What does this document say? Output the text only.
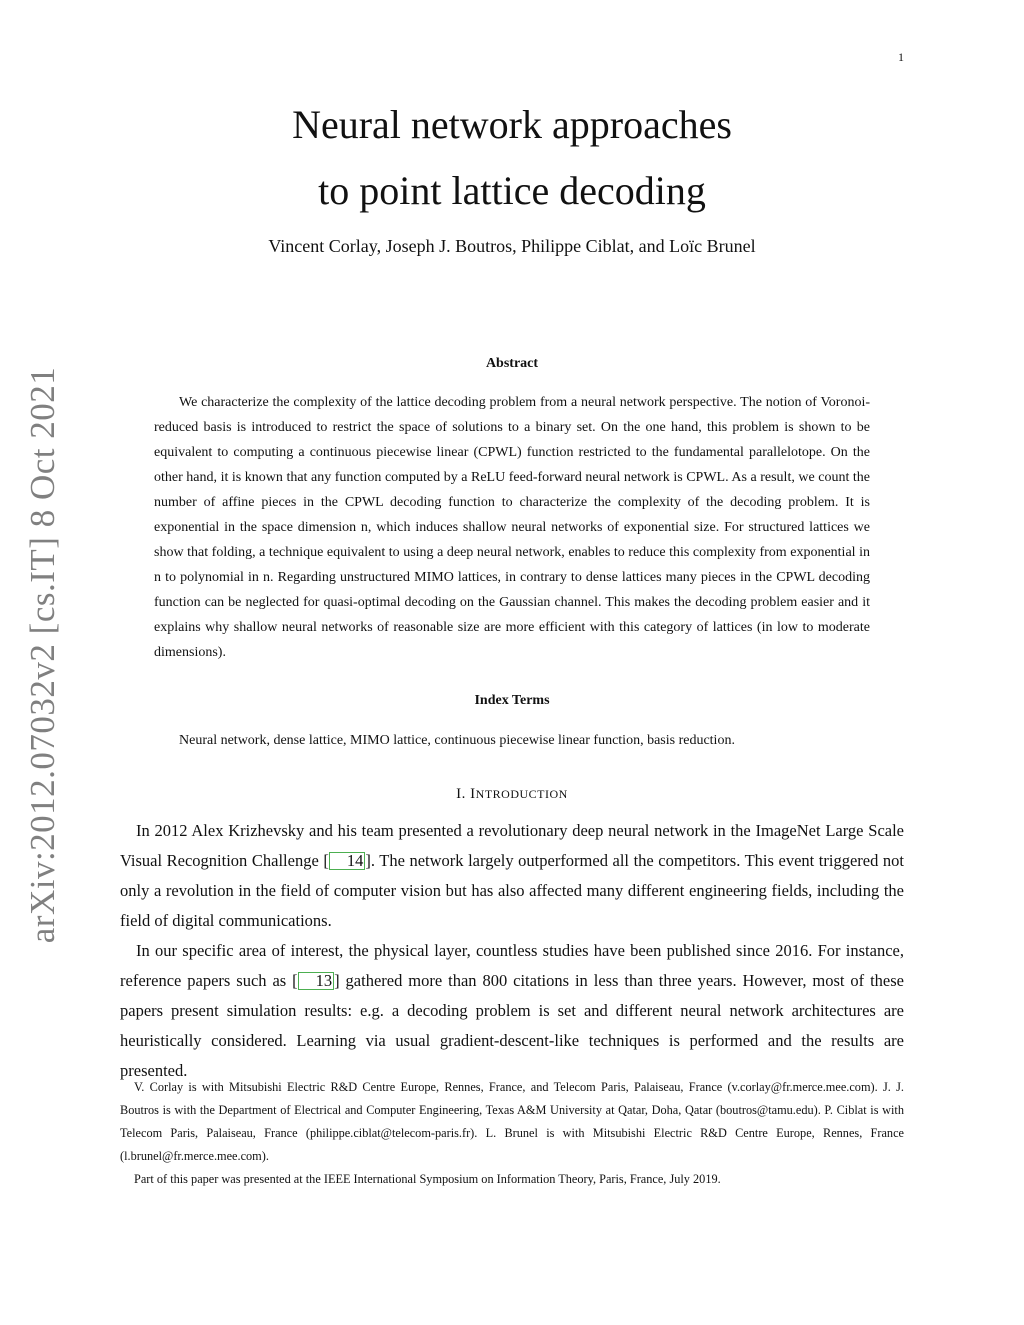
1
arXiv:2012.07032v2 [cs.IT] 8 Oct 2021

Neural network approaches

to point lattice decoding

Vincent Corlay, Joseph J. Boutros, Philippe Ciblat, and Loïc Brunel
Abstract

We characterize the complexity of the lattice decoding problem from a neural network perspective. The notion of Voronoi-reduced basis is introduced to restrict the space of solutions to a binary set. On the one hand, this problem is shown to be equivalent to computing a continuous piecewise linear (CPWL) function restricted to the fundamental parallelotope. On the other hand, it is known that any function computed by a ReLU feed-forward neural network is CPWL. As a result, we count the number of affine pieces in the CPWL decoding function to characterize the complexity of the decoding problem. It is exponential in the space dimension n, which induces shallow neural networks of exponential size. For structured lattices we show that folding, a technique equivalent to using a deep neural network, enables to reduce this complexity from exponential in n to polynomial in n. Regarding unstructured MIMO lattices, in contrary to dense lattices many pieces in the CPWL decoding function can be neglected for quasi-optimal decoding on the Gaussian channel. This makes the decoding problem easier and it explains why shallow neural networks of reasonable size are more efficient with this category of lattices (in low to moderate dimensions).

Index Terms

Neural network, dense lattice, MIMO lattice, continuous piecewise linear function, basis reduction.

I. INTRODUCTION

In 2012 Alex Krizhevsky and his team presented a revolutionary deep neural network in the ImageNet Large Scale Visual Recognition Challenge [ 14 ]. The network largely outperformed all the competitors. This event triggered not only a revolution in the field of computer vision but has also affected many different engineering fields, including the field of digital communications.

In our specific area of interest, the physical layer, countless studies have been published since 2016. For instance, reference papers such as [ 13 ] gathered more than 800 citations in less than three years. However, most of these papers present simulation results: e.g. a decoding problem is set and different neural network architectures are heuristically considered. Learning via usual gradient-descent-like techniques is performed and the results are presented.

V. Corlay is with Mitsubishi Electric R&D Centre Europe, Rennes, France, and Telecom Paris, Palaiseau, France (v.corlay@fr.merce.mee.com). J. J. Boutros is with the Department of Electrical and Computer Engineering, Texas A&M University at Qatar, Doha, Qatar (boutros@tamu.edu). P. Ciblat is with Telecom Paris, Palaiseau, France (philippe.ciblat@telecom-paris.fr). L. Brunel is with Mitsubishi Electric R&D Centre Europe, Rennes, France (l.brunel@fr.merce.mee.com).

Part of this paper was presented at the IEEE International Symposium on Information Theory, Paris, France, July 2019.
